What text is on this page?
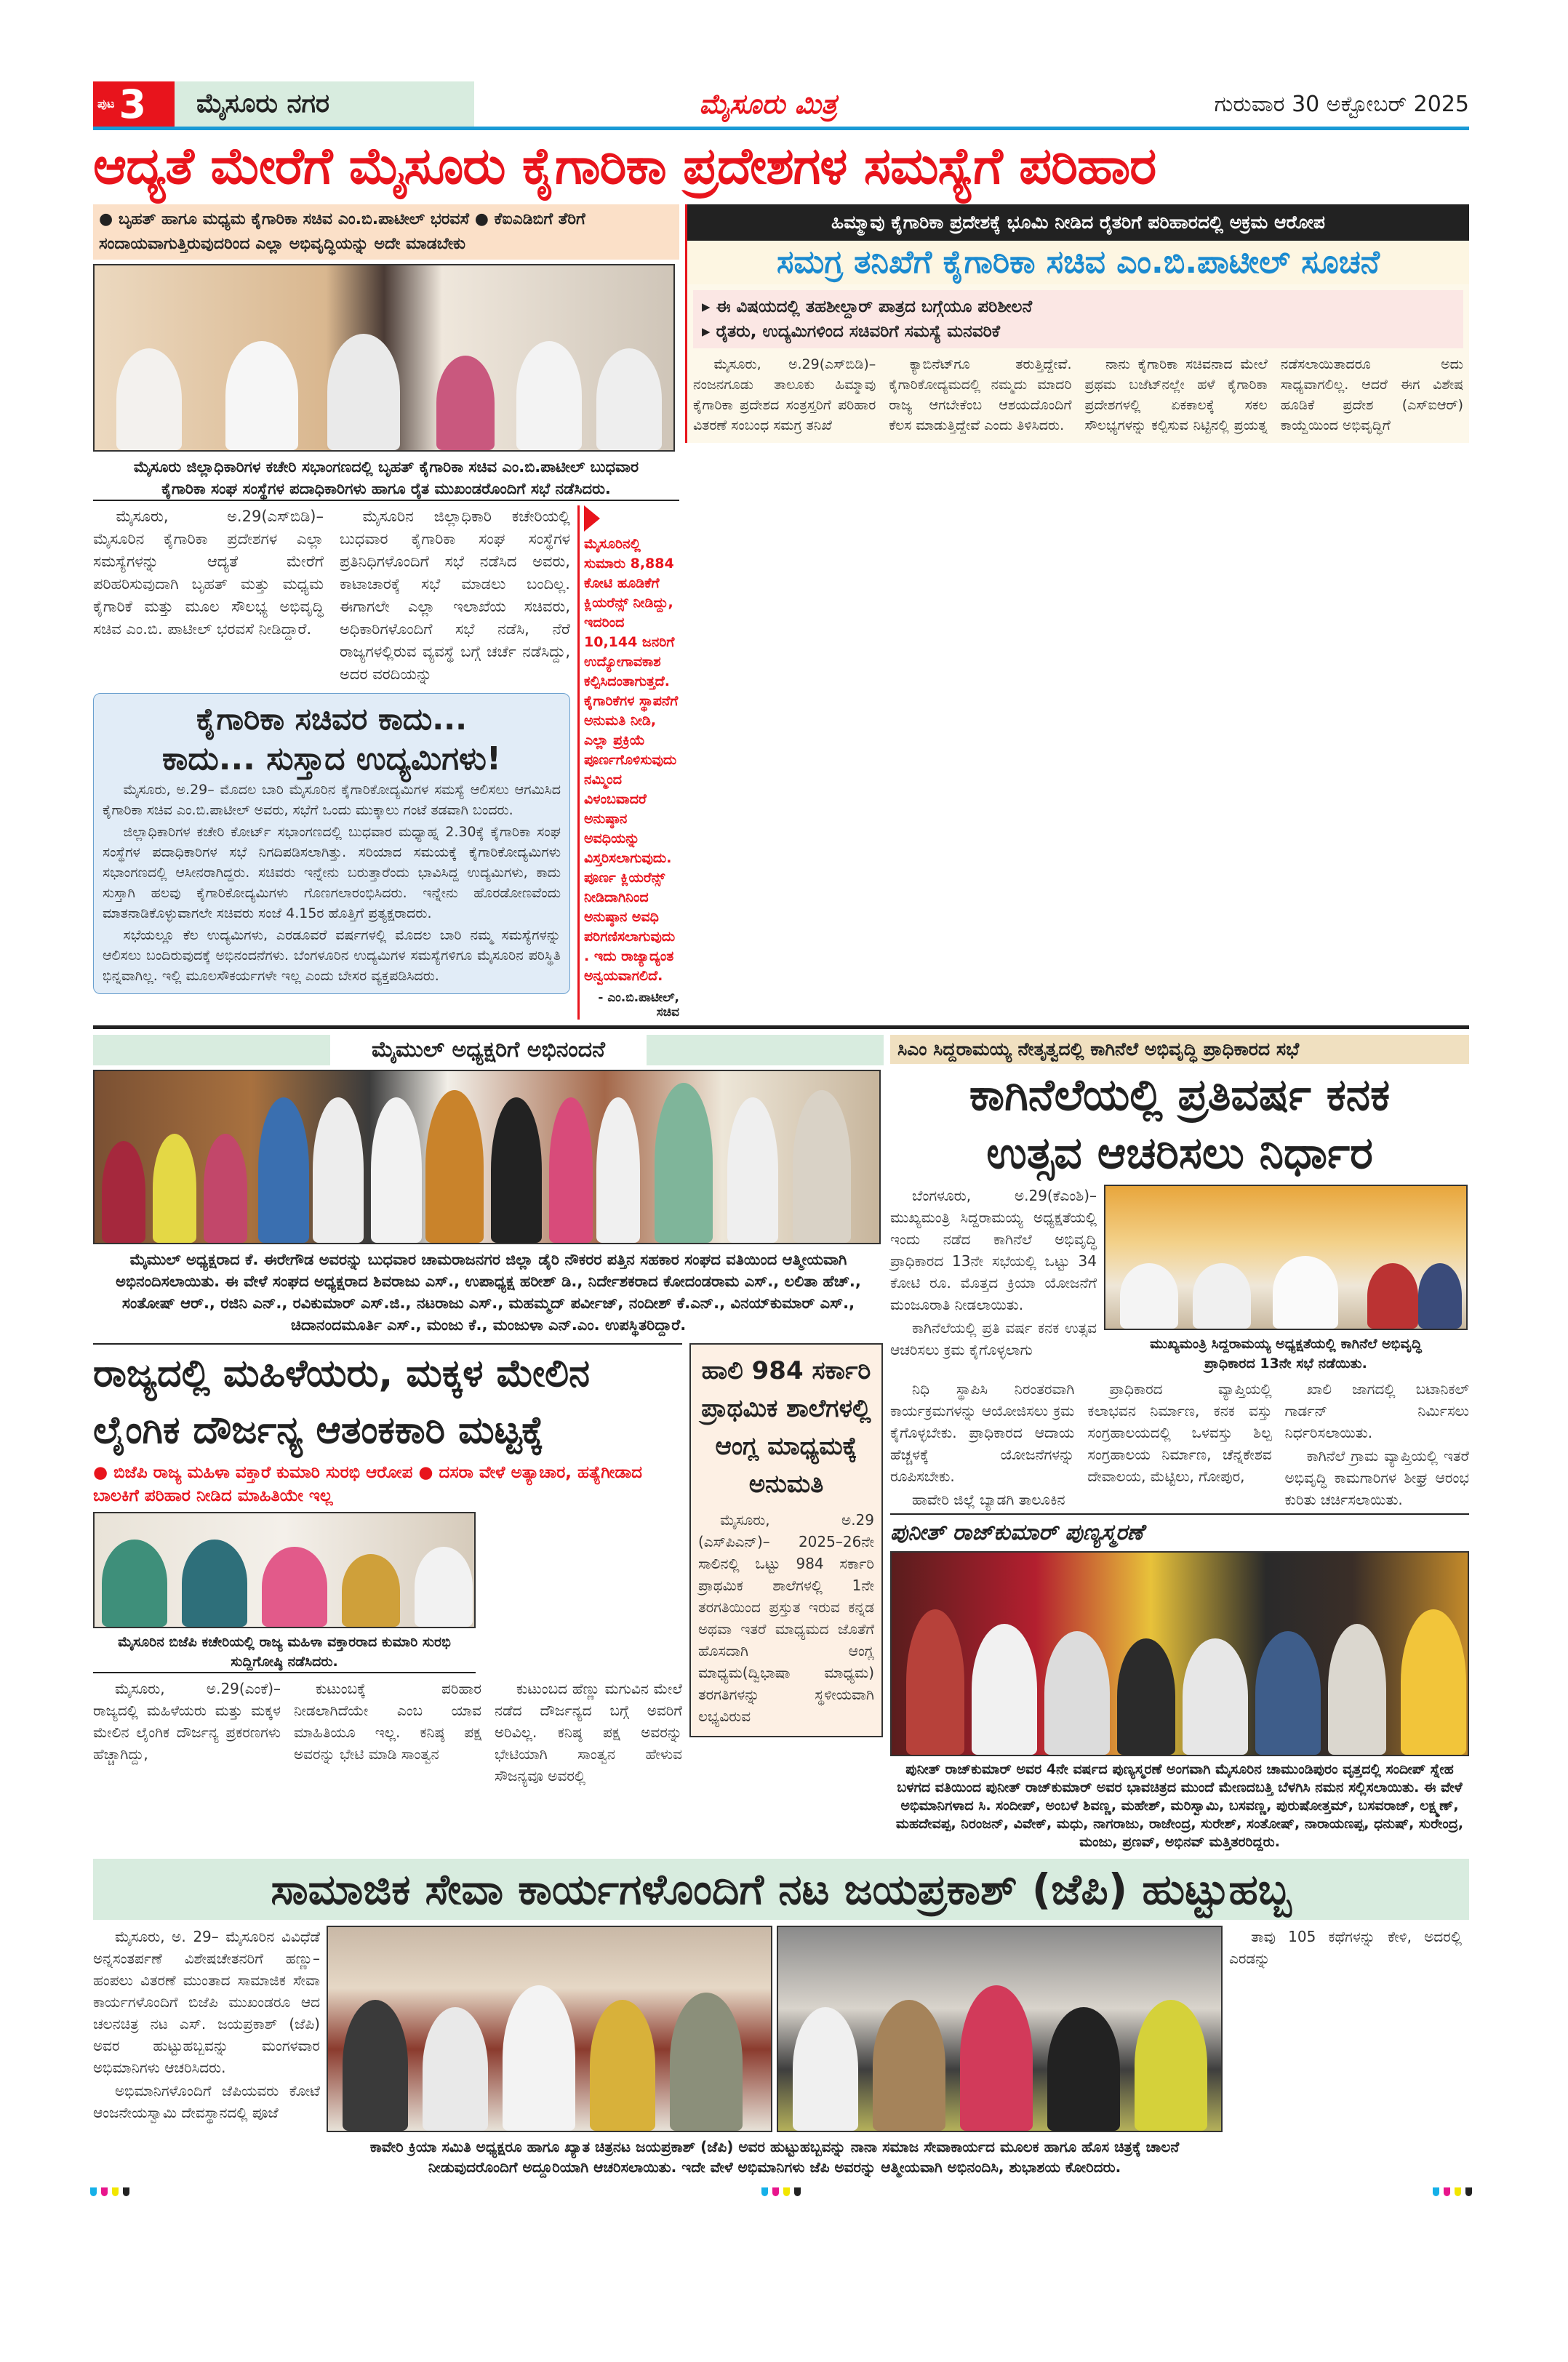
ಪುಟ 3	ಮೈಸೂರು ನಗರ	ಮೈಸೂರು ಮಿತ್ರ	ಗುರುವಾರ 30 ಅಕ್ಟೋಬರ್ 2025
ಆದ್ಯತೆ ಮೇರೆಗೆ ಮೈಸೂರು ಕೈಗಾರಿಕಾ ಪ್ರದೇಶಗಳ ಸಮಸ್ಯೆಗೆ ಪರಿಹಾರ
● ಬೃಹತ್ ಹಾಗೂ ಮಧ್ಯಮ ಕೈಗಾರಿಕಾ ಸಚಿವ ಎಂ.ಬಿ.ಪಾಟೀಲ್ ಭರವಸೆ ● ಕೆಐಎಡಿಬಿಗೆ ತೆರಿಗೆ ಸಂದಾಯವಾಗುತ್ತಿರುವುದರಿಂದ ಎಲ್ಲಾ ಅಭಿವೃದ್ಧಿಯನ್ನು ಅದೇ ಮಾಡಬೇಕು
ಮೈಸೂರು ಜಿಲ್ಲಾಧಿಕಾರಿಗಳ ಕಚೇರಿ ಸಭಾಂಗಣದಲ್ಲಿ ಬೃಹತ್ ಕೈಗಾರಿಕಾ ಸಚಿವ ಎಂ.ಬಿ.ಪಾಟೀಲ್ ಬುಧವಾರ ಕೈಗಾರಿಕಾ ಸಂಘ ಸಂಸ್ಥೆಗಳ ಪದಾಧಿಕಾರಿಗಳು ಹಾಗೂ ರೈತ ಮುಖಂಡರೊಂದಿಗೆ ಸಭೆ ನಡೆಸಿದರು.

ಮೈಸೂರು, ಅ.29(ಎಸ್‌ಬಿಡಿ)– ಮೈಸೂರಿನ ಕೈಗಾರಿಕಾ ಪ್ರದೇಶಗಳ ಎಲ್ಲಾ ಸಮಸ್ಯೆಗಳನ್ನು ಆದ್ಯತೆ ಮೇರೆಗೆ ಪರಿಹರಿಸುವುದಾಗಿ ಬೃಹತ್ ಮತ್ತು ಮಧ್ಯಮ ಕೈಗಾರಿಕೆ ಮತ್ತು ಮೂಲ ಸೌಲಭ್ಯ ಅಭಿವೃದ್ಧಿ ಸಚಿವ ಎಂ.ಬಿ. ಪಾಟೀಲ್ ಭರವಸೆ ನೀಡಿದ್ದಾರೆ.

ಮೈಸೂರಿನ ಜಿಲ್ಲಾಧಿಕಾರಿ ಕಚೇರಿಯಲ್ಲಿ ಬುಧವಾರ ಕೈಗಾರಿಕಾ ಸಂಘ ಸಂಸ್ಥೆಗಳ ಪ್ರತಿನಿಧಿಗಳೊಂದಿಗೆ ಸಭೆ ನಡೆಸಿದ ಅವರು, ಕಾಟಾಚಾರಕ್ಕೆ ಸಭೆ ಮಾಡಲು ಬಂದಿಲ್ಲ. ಈಗಾಗಲೇ ಎಲ್ಲಾ ಇಲಾಖೆಯ ಸಚಿವರು, ಅಧಿಕಾರಿಗಳೊಂದಿಗೆ ಸಭೆ ನಡೆಸಿ, ನೆರೆ ರಾಜ್ಯಗಳಲ್ಲಿರುವ ವ್ಯವಸ್ಥೆ ಬಗ್ಗೆ ಚರ್ಚೆ ನಡೆಸಿದ್ದು, ಅದರ ವರದಿಯನ್ನು

ಕೈಗಾರಿಕಾ ಸಚಿವರ ಕಾದು...
ಕಾದು... ಸುಸ್ತಾದ ಉದ್ಯಮಿಗಳು!

ಮೈಸೂರು, ಅ.29– ಮೊದಲ ಬಾರಿ ಮೈಸೂರಿನ ಕೈಗಾರಿಕೋದ್ಯಮಿಗಳ ಸಮಸ್ಯೆ ಆಲಿಸಲು ಆಗಮಿಸಿದ ಕೈಗಾರಿಕಾ ಸಚಿವ ಎಂ.ಬಿ.ಪಾಟೀಲ್ ಅವರು, ಸಭೆಗೆ ಒಂದು ಮುಕ್ಕಾಲು ಗಂಟೆ ತಡವಾಗಿ ಬಂದರು.

ಜಿಲ್ಲಾಧಿಕಾರಿಗಳ ಕಚೇರಿ ಕೋರ್ಟ್ ಸಭಾಂಗಣದಲ್ಲಿ ಬುಧವಾರ ಮಧ್ಯಾಹ್ನ 2.30ಕ್ಕೆ ಕೈಗಾರಿಕಾ ಸಂಘ ಸಂಸ್ಥೆಗಳ ಪದಾಧಿಕಾರಿಗಳ ಸಭೆ ನಿಗದಿಪಡಿಸಲಾಗಿತ್ತು. ಸರಿಯಾದ ಸಮಯಕ್ಕೆ ಕೈಗಾರಿಕೋದ್ಯಮಿಗಳು ಸಭಾಂಗಣದಲ್ಲಿ ಆಸೀನರಾಗಿದ್ದರು. ಸಚಿವರು ಇನ್ನೇನು ಬರುತ್ತಾರೆಂದು ಭಾವಿಸಿದ್ದ ಉದ್ಯಮಿಗಳು, ಕಾದು ಸುಸ್ತಾಗಿ ಹಲವು ಕೈಗಾರಿಕೋದ್ಯಮಿಗಳು ಗೊಣಗಲಾರಂಭಿಸಿದರು. ಇನ್ನೇನು ಹೊರಡೋಣವೆಂದು ಮಾತನಾಡಿಕೊಳ್ಳುವಾಗಲೇ ಸಚಿವರು ಸಂಜೆ 4.15ರ ಹೊತ್ತಿಗೆ ಪ್ರತ್ಯಕ್ಷರಾದರು.

ಸಭೆಯಲ್ಲೂ ಕೆಲ ಉದ್ಯಮಿಗಳು, ಎರಡೂವರೆ ವರ್ಷಗಳಲ್ಲಿ ಮೊದಲ ಬಾರಿ ನಮ್ಮ ಸಮಸ್ಯೆಗಳನ್ನು ಆಲಿಸಲು ಬಂದಿರುವುದಕ್ಕೆ ಅಭಿನಂದನೆಗಳು. ಬೆಂಗಳೂರಿನ ಉದ್ಯಮಿಗಳ ಸಮಸ್ಯೆಗಳಿಗೂ ಮೈಸೂರಿನ ಪರಿಸ್ಥಿತಿ ಭಿನ್ನವಾಗಿಲ್ಲ. ಇಲ್ಲಿ ಮೂಲಸೌಕರ್ಯಗಳೇ ಇಲ್ಲ ಎಂದು ಬೇಸರ ವ್ಯಕ್ತಪಡಿಸಿದರು.

ಮೈಸೂರಿನಲ್ಲಿ ಸುಮಾರು 8,884 ಕೋಟಿ ಹೂಡಿಕೆಗೆ ಕ್ಲಿಯರೆನ್ಸ್ ನೀಡಿದ್ದು, ಇದರಿಂದ 10,144 ಜನರಿಗೆ ಉದ್ಯೋಗಾವಕಾಶ ಕಲ್ಪಿಸಿದಂತಾಗುತ್ತದೆ. ಕೈಗಾರಿಕೆಗಳ ಸ್ಥಾಪನೆಗೆ ಅನುಮತಿ ನೀಡಿ, ಎಲ್ಲಾ ಪ್ರಕ್ರಿಯೆ ಪೂರ್ಣಗೊಳಿಸುವುದು ನಮ್ಮಿಂದ ವಿಳಂಬವಾದರೆ ಅನುಷ್ಠಾನ ಅವಧಿಯನ್ನು ವಿಸ್ತರಿಸಲಾಗುವುದು. ಪೂರ್ಣ ಕ್ಲಿಯರೆನ್ಸ್ ನೀಡಿದಾಗಿನಿಂದ ಅನುಷ್ಠಾನ ಅವಧಿ ಪರಿಗಣಿಸಲಾಗುವುದು. ಇದು ರಾಜ್ಯಾದ್ಯಂತ ಅನ್ವಯವಾಗಲಿದೆ.
- ಎಂ.ಬಿ.ಪಾಟೀಲ್, ಸಚಿವ
ಹಿಮ್ಮಾವು ಕೈಗಾರಿಕಾ ಪ್ರದೇಶಕ್ಕೆ ಭೂಮಿ ನೀಡಿದ ರೈತರಿಗೆ ಪರಿಹಾರದಲ್ಲಿ ಅಕ್ರಮ ಆರೋಪ
ಸಮಗ್ರ ತನಿಖೆಗೆ ಕೈಗಾರಿಕಾ ಸಚಿವ ಎಂ.ಬಿ.ಪಾಟೀಲ್ ಸೂಚನೆ
▸ ಈ ವಿಷಯದಲ್ಲಿ ತಹಶೀಲ್ದಾರ್ ಪಾತ್ರದ ಬಗ್ಗೆಯೂ ಪರಿಶೀಲನೆ
▸ ರೈತರು, ಉದ್ಯಮಿಗಳಿಂದ ಸಚಿವರಿಗೆ ಸಮಸ್ಯೆ ಮನವರಿಕೆ

ಮೈಸೂರು, ಅ.29(ಎಸ್‌ಬಿಡಿ)– ನಂಜನಗೂಡು ತಾಲೂಕು ಹಿಮ್ಮಾವು ಕೈಗಾರಿಕಾ ಪ್ರದೇಶದ ಸಂತ್ರಸ್ತರಿಗೆ ಪರಿಹಾರ ವಿತರಣೆ ಸಂಬಂಧ ಸಮಗ್ರ ತನಿಖೆ

ಕ್ಯಾಬಿನೆಟ್‌ಗೂ ತರುತ್ತಿದ್ದೇವೆ. ಕೈಗಾರಿಕೋದ್ಯಮದಲ್ಲಿ ನಮ್ಮದು ಮಾದರಿ ರಾಜ್ಯ ಆಗಬೇಕೆಂಬ ಆಶಯದೊಂದಿಗೆ ಕೆಲಸ ಮಾಡುತ್ತಿದ್ದೇವೆ ಎಂದು ತಿಳಿಸಿದರು.

ನಾನು ಕೈಗಾರಿಕಾ ಸಚಿವನಾದ ಮೇಲೆ ಪ್ರಥಮ ಬಜೆಟ್‌ನಲ್ಲೇ ಹಳೆ ಕೈಗಾರಿಕಾ ಪ್ರದೇಶಗಳಲ್ಲಿ ಏಕಕಾಲಕ್ಕೆ ಸಕಲ ಸೌಲಭ್ಯಗಳನ್ನು ಕಲ್ಪಿಸುವ ನಿಟ್ಟಿನಲ್ಲಿ ಪ್ರಯತ್ನ ನಡೆಸಲಾಯಿತಾದರೂ ಅದು ಸಾಧ್ಯವಾಗಲಿಲ್ಲ. ಆದರೆ ಈಗ ವಿಶೇಷ ಹೂಡಿಕೆ ಪ್ರದೇಶ (ಎಸ್‌ಐಆರ್) ಕಾಯ್ದೆಯಿಂದ ಅಭಿವೃದ್ಧಿಗೆ

ಮೈಮುಲ್ ಅಧ್ಯಕ್ಷರಿಗೆ ಅಭಿನಂದನೆ
ಮೈಮುಲ್ ಅಧ್ಯಕ್ಷರಾದ ಕೆ. ಈರೇಗೌಡ ಅವರನ್ನು ಬುಧವಾರ ಚಾಮರಾಜನಗರ ಜಿಲ್ಲಾ ಡೈರಿ ನೌಕರರ ಪತ್ತಿನ ಸಹಕಾರ ಸಂಘದ ವತಿಯಿಂದ ಆತ್ಮೀಯವಾಗಿ ಅಭಿನಂದಿಸಲಾಯಿತು. ಈ ವೇಳೆ ಸಂಘದ ಅಧ್ಯಕ್ಷರಾದ ಶಿವರಾಜು ಎಸ್., ಉಪಾಧ್ಯಕ್ಷ ಹರೀಶ್ ಡಿ., ನಿರ್ದೇಶಕರಾದ ಕೋದಂಡರಾಮ ಎಸ್., ಲಲಿತಾ ಹೆಚ್., ಸಂತೋಷ್ ಆರ್., ರಜಿನಿ ಎನ್., ರವಿಕುಮಾರ್ ಎಸ್.ಜಿ., ನಟರಾಜು ಎಸ್., ಮಹಮ್ಮದ್ ಪರ್ವೀಜ್, ನಂದೀಶ್ ಕೆ.ಎನ್., ವಿನಯ್‌ಕುಮಾರ್ ಎಸ್., ಚಿದಾನಂದಮೂರ್ತಿ ಎಸ್., ಮಂಜು ಕೆ., ಮಂಜುಳಾ ಎನ್.ಎಂ. ಉಪಸ್ಥಿತರಿದ್ದಾರೆ.
ರಾಜ್ಯದಲ್ಲಿ ಮಹಿಳೆಯರು, ಮಕ್ಕಳ ಮೇಲಿನ
ಲೈಂಗಿಕ ದೌರ್ಜನ್ಯ ಆತಂಕಕಾರಿ ಮಟ್ಟಕ್ಕೆ
● ಬಿಜೆಪಿ ರಾಜ್ಯ ಮಹಿಳಾ ವಕ್ತಾರೆ ಕುಮಾರಿ ಸುರಭಿ ಆರೋಪ ● ದಸರಾ ವೇಳೆ ಅತ್ಯಾಚಾರ, ಹತ್ಯೆಗೀಡಾದ ಬಾಲಕಿಗೆ ಪರಿಹಾರ ನೀಡಿದ ಮಾಹಿತಿಯೇ ಇಲ್ಲ
ಮೈಸೂರಿನ ಬಿಜೆಪಿ ಕಚೇರಿಯಲ್ಲಿ ರಾಜ್ಯ ಮಹಿಳಾ ವಕ್ತಾರರಾದ ಕುಮಾರಿ ಸುರಭಿ ಸುದ್ದಿಗೋಷ್ಠಿ ನಡೆಸಿದರು.

ಮೈಸೂರು, ಅ.29(ಎಂಕೆ)– ರಾಜ್ಯದಲ್ಲಿ ಮಹಿಳೆಯರು ಮತ್ತು ಮಕ್ಕಳ ಮೇಲಿನ ಲೈಂಗಿಕ ದೌರ್ಜನ್ಯ ಪ್ರಕರಣಗಳು ಹೆಚ್ಚಾಗಿದ್ದು,

ಕುಟುಂಬಕ್ಕೆ ಪರಿಹಾರ ನೀಡಲಾಗಿದೆಯೇ ಎಂಬ ಯಾವ ಮಾಹಿತಿಯೂ ಇಲ್ಲ. ಕನಿಷ್ಠ ಪಕ್ಷ ಅವರನ್ನು ಭೇಟಿ ಮಾಡಿ ಸಾಂತ್ವನ

ಕುಟುಂಬದ ಹೆಣ್ಣು ಮಗುವಿನ ಮೇಲೆ ನಡೆದ ದೌರ್ಜನ್ಯದ ಬಗ್ಗೆ ಅವರಿಗೆ ಅರಿವಿಲ್ಲ. ಕನಿಷ್ಠ ಪಕ್ಷ ಅವರನ್ನು ಭೇಟಿಯಾಗಿ ಸಾಂತ್ವನ ಹೇಳುವ ಸೌಜನ್ಯವೂ ಅವರಲ್ಲಿ

ಹಾಲಿ 984 ಸರ್ಕಾರಿ ಪ್ರಾಥಮಿಕ ಶಾಲೆಗಳಲ್ಲಿ ಆಂಗ್ಲ ಮಾಧ್ಯಮಕ್ಕೆ ಅನುಮತಿ

ಮೈಸೂರು, ಅ.29 (ಎಸ್‌ಪಿಎನ್)– 2025–26ನೇ ಸಾಲಿನಲ್ಲಿ ಒಟ್ಟು 984 ಸರ್ಕಾರಿ ಪ್ರಾಥಮಿಕ ಶಾಲೆಗಳಲ್ಲಿ 1ನೇ ತರಗತಿಯಿಂದ ಪ್ರಸ್ತುತ ಇರುವ ಕನ್ನಡ ಅಥವಾ ಇತರೆ ಮಾಧ್ಯಮದ ಜೊತೆಗೆ ಹೊಸದಾಗಿ ಆಂಗ್ಲ ಮಾಧ್ಯಮ(ದ್ವಿಭಾಷಾ ಮಾಧ್ಯಮ) ತರಗತಿಗಳನ್ನು ಸ್ಥಳೀಯವಾಗಿ ಲಭ್ಯವಿರುವ

ಸಿಎಂ ಸಿದ್ದರಾಮಯ್ಯ ನೇತೃತ್ವದಲ್ಲಿ ಕಾಗಿನೆಲೆ ಅಭಿವೃದ್ಧಿ ಪ್ರಾಧಿಕಾರದ ಸಭೆ
ಕಾಗಿನೆಲೆಯಲ್ಲಿ ಪ್ರತಿವರ್ಷ ಕನಕ
ಉತ್ಸವ ಆಚರಿಸಲು ನಿರ್ಧಾರ

ಬೆಂಗಳೂರು, ಅ.29(ಕೆಎಂಶಿ)– ಮುಖ್ಯಮಂತ್ರಿ ಸಿದ್ದರಾಮಯ್ಯ ಅಧ್ಯಕ್ಷತೆಯಲ್ಲಿ ಇಂದು ನಡೆದ ಕಾಗಿನೆಲೆ ಅಭಿವೃದ್ಧಿ ಪ್ರಾಧಿಕಾರದ 13ನೇ ಸಭೆಯಲ್ಲಿ ಒಟ್ಟು 34 ಕೋಟಿ ರೂ. ಮೊತ್ತದ ಕ್ರಿಯಾ ಯೋಜನೆಗೆ ಮಂಜೂರಾತಿ ನೀಡಲಾಯಿತು.

ಕಾಗಿನೆಲೆಯಲ್ಲಿ ಪ್ರತಿ ವರ್ಷ ಕನಕ ಉತ್ಸವ ಆಚರಿಸಲು ಕ್ರಮ ಕೈಗೊಳ್ಳಲಾಗು	ಮುಖ್ಯಮಂತ್ರಿ ಸಿದ್ದರಾಮಯ್ಯ ಅಧ್ಯಕ್ಷತೆಯಲ್ಲಿ ಕಾಗಿನೆಲೆ ಅಭಿವೃದ್ಧಿ ಪ್ರಾಧಿಕಾರದ 13ನೇ ಸಭೆ ನಡೆಯಿತು.

ನಿಧಿ ಸ್ಥಾಪಿಸಿ ನಿರಂತರವಾಗಿ ಕಾರ್ಯಕ್ರಮಗಳನ್ನು ಆಯೋಜಿಸಲು ಕ್ರಮ ಕೈಗೊಳ್ಳಬೇಕು. ಪ್ರಾಧಿಕಾರದ ಆದಾಯ ಹೆಚ್ಚಳಕ್ಕೆ ಯೋಜನೆಗಳನ್ನು ರೂಪಿಸಬೇಕು.

ಹಾವೇರಿ ಜಿಲ್ಲೆ ಬ್ಯಾಡಗಿ ತಾಲೂಕಿನ

ಪ್ರಾಧಿಕಾರದ ವ್ಯಾಪ್ತಿಯಲ್ಲಿ ಕಲಾಭವನ ನಿರ್ಮಾಣ, ಕನಕ ವಸ್ತು ಸಂಗ್ರಹಾಲಯದಲ್ಲಿ ಒಳವಸ್ತು ಶಿಲ್ಪ ಸಂಗ್ರಹಾಲಯ ನಿರ್ಮಾಣ, ಚೆನ್ನಕೇಶವ ದೇವಾಲಯ, ಮೆಟ್ಟಿಲು, ಗೋಪುರ,

ಖಾಲಿ ಜಾಗದಲ್ಲಿ ಬಟಾನಿಕಲ್ ಗಾರ್ಡನ್ ನಿರ್ಮಿಸಲು ನಿರ್ಧರಿಸಲಾಯಿತು.

ಕಾಗಿನೆಲೆ ಗ್ರಾಮ ವ್ಯಾಪ್ತಿಯಲ್ಲಿ ಇತರೆ ಅಭಿವೃದ್ಧಿ ಕಾಮಗಾರಿಗಳ ಶೀಘ್ರ ಆರಂಭ ಕುರಿತು ಚರ್ಚಿಸಲಾಯಿತು.

ಪುನೀತ್ ರಾಜ್‌ಕುಮಾರ್ ಪುಣ್ಯಸ್ಮರಣೆ
ಪುನೀತ್ ರಾಜ್‌ಕುಮಾರ್ ಅವರ 4ನೇ ವರ್ಷದ ಪುಣ್ಯಸ್ಮರಣೆ ಅಂಗವಾಗಿ ಮೈಸೂರಿನ ಚಾಮುಂಡಿಪುರಂ ವೃತ್ತದಲ್ಲಿ ಸಂದೀಪ್ ಸ್ನೇಹ ಬಳಗದ ವತಿಯಿಂದ ಪುನೀತ್ ರಾಜ್‌ಕುಮಾರ್ ಅವರ ಭಾವಚಿತ್ರದ ಮುಂದೆ ಮೇಣದಬತ್ತಿ ಬೆಳಗಿಸಿ ನಮನ ಸಲ್ಲಿಸಲಾಯಿತು. ಈ ವೇಳೆ ಅಭಿಮಾನಿಗಳಾದ ಸಿ. ಸಂದೀಪ್, ಅಂಬಳೆ ಶಿವಣ್ಣ, ಮಹೇಶ್, ಮರಿಸ್ವಾಮಿ, ಬಸವಣ್ಣ, ಪುರುಷೋತ್ತಮ್, ಬಸವರಾಜ್, ಲಕ್ಷ್ಮಣ್, ಮಹದೇವಪ್ಪ, ನಿರಂಜನ್, ವಿವೇಕ್, ಮಧು, ನಾಗರಾಜು, ರಾಜೇಂದ್ರ, ಸುರೇಶ್, ಸಂತೋಷ್, ನಾರಾಯಣಪ್ಪ, ಧನುಷ್, ಸುರೇಂದ್ರ, ಮಂಜು, ಪ್ರಣವ್, ಅಭಿನವ್ ಮತ್ತಿತರರಿದ್ದರು.
ಸಾಮಾಜಿಕ ಸೇವಾ ಕಾರ್ಯಗಳೊಂದಿಗೆ ನಟ ಜಯಪ್ರಕಾಶ್ (ಜೆಪಿ) ಹುಟ್ಟುಹಬ್ಬ

ಮೈಸೂರು, ಅ. 29– ಮೈಸೂರಿನ ವಿವಿಧೆಡೆ ಅನ್ನಸಂತರ್ಪಣೆ ವಿಶೇಷಚೇತನರಿಗೆ ಹಣ್ಣು–ಹಂಪಲು ವಿತರಣೆ ಮುಂತಾದ ಸಾಮಾಜಿಕ ಸೇವಾ ಕಾರ್ಯಗಳೊಂದಿಗೆ ಬಿಜೆಪಿ ಮುಖಂಡರೂ ಆದ ಚಲನಚಿತ್ರ ನಟ ಎಸ್. ಜಯಪ್ರಕಾಶ್ (ಜೆಪಿ) ಅವರ ಹುಟ್ಟುಹಬ್ಬವನ್ನು ಮಂಗಳವಾರ ಅಭಿಮಾನಿಗಳು ಆಚರಿಸಿದರು.

ಅಭಿಮಾನಿಗಳೊಂದಿಗೆ ಜೆಪಿಯವರು ಕೋಟೆ ಆಂಜನೇಯಸ್ವಾಮಿ ದೇವಸ್ಥಾನದಲ್ಲಿ ಪೂಜೆ

ಕಾವೇರಿ ಕ್ರಿಯಾ ಸಮಿತಿ ಅಧ್ಯಕ್ಷರೂ ಹಾಗೂ ಖ್ಯಾತ ಚಿತ್ರನಟ ಜಯಪ್ರಕಾಶ್ (ಜೆಪಿ) ಅವರ ಹುಟ್ಟುಹಬ್ಬವನ್ನು ನಾನಾ ಸಮಾಜ ಸೇವಾಕಾರ್ಯದ ಮೂಲಕ ಹಾಗೂ ಹೊಸ ಚಿತ್ರಕ್ಕೆ ಚಾಲನೆ ನೀಡುವುದರೊಂದಿಗೆ ಅದ್ದೂರಿಯಾಗಿ ಆಚರಿಸಲಾಯಿತು. ಇದೇ ವೇಳೆ ಅಭಿಮಾನಿಗಳು ಜೆಪಿ ಅವರನ್ನು ಆತ್ಮೀಯವಾಗಿ ಅಭಿನಂದಿಸಿ, ಶುಭಾಶಯ ಕೋರಿದರು.

ತಾವು 105 ಕಥೆಗಳನ್ನು ಕೇಳಿ, ಅದರಲ್ಲಿ ಎರಡನ್ನು
